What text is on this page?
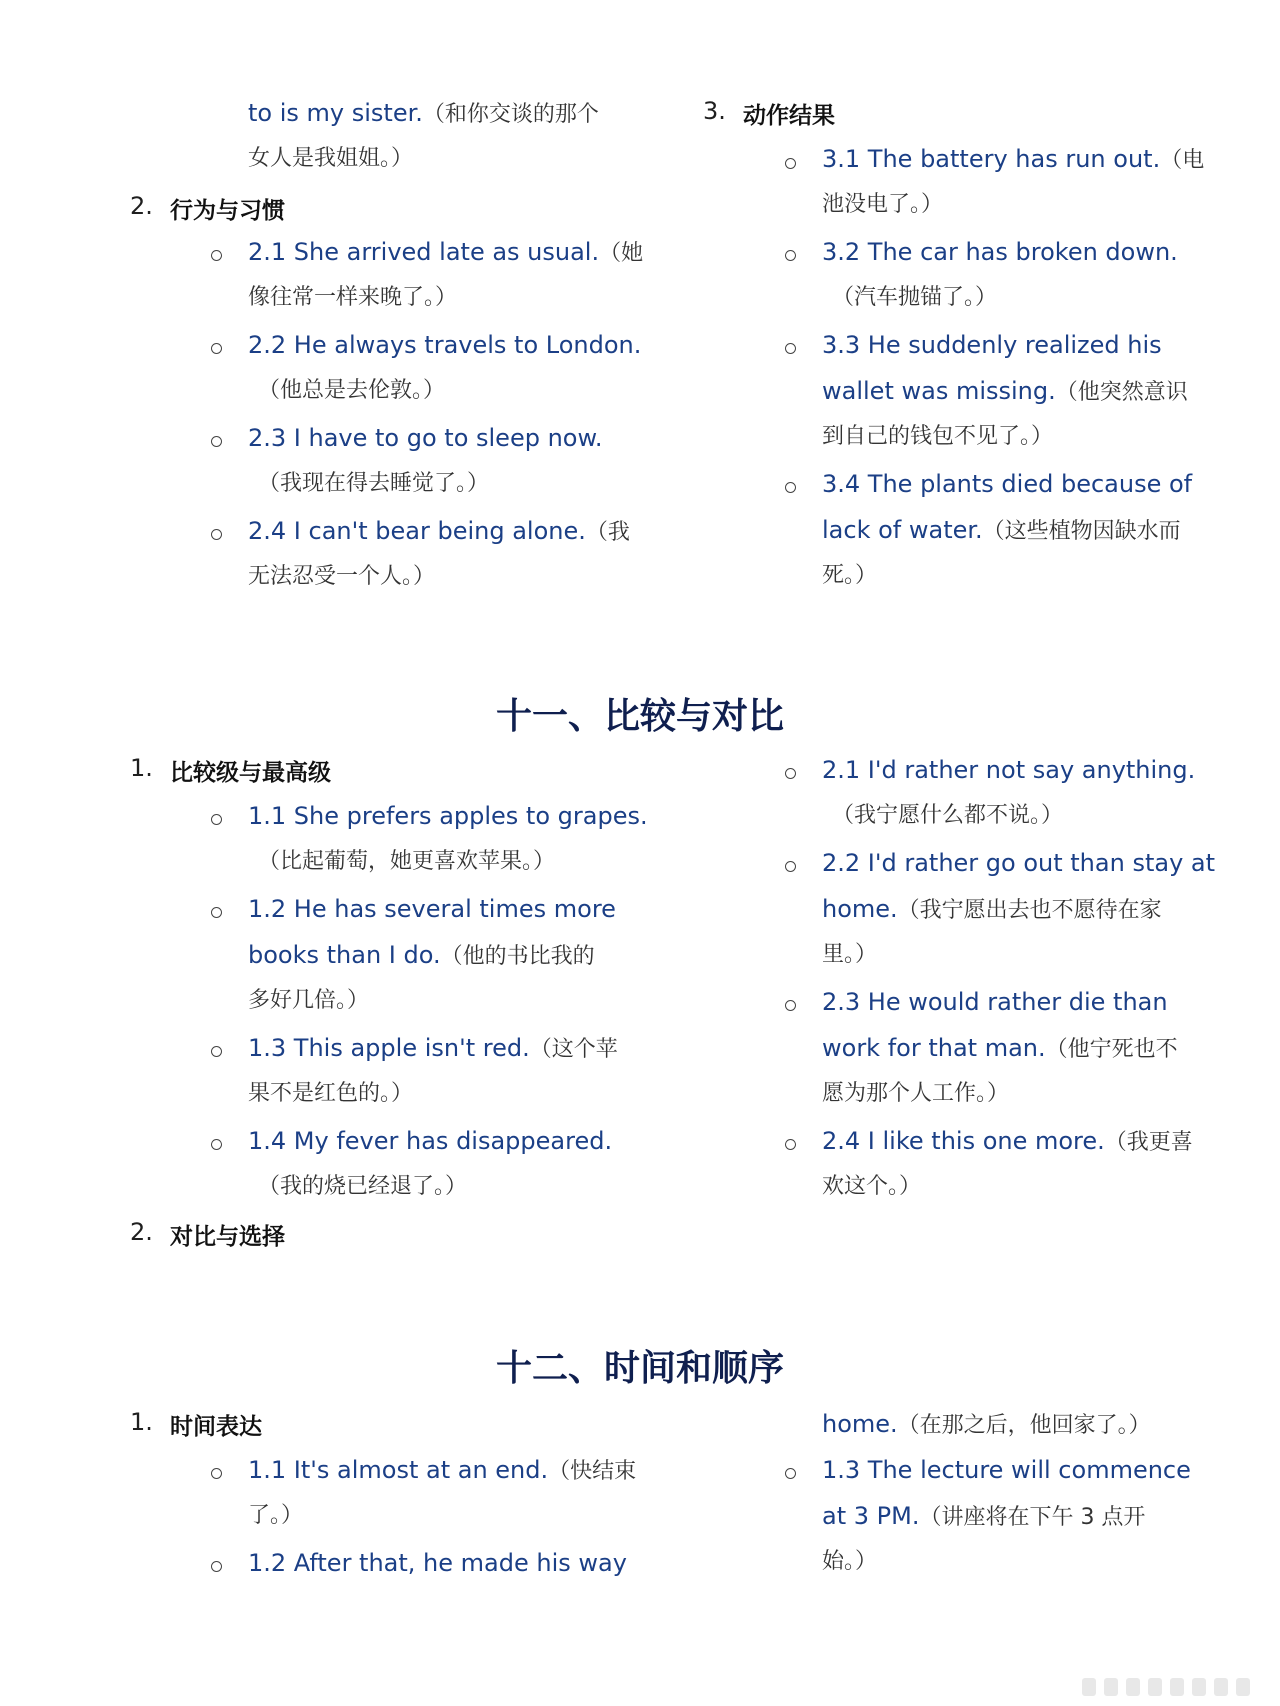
to is my sister.（和你交谈的那个
女人是我姐姐。）
2. 行为与习惯
2.1 She arrived late as usual.（她
像往常一样来晚了。）
2.2 He always travels to London.
（他总是去伦敦。）
2.3 I have to go to sleep now.
（我现在得去睡觉了。）
2.4 I can't bear being alone.（我
无法忍受一个人。）
3. 动作结果
3.1 The battery has run out.（电
池没电了。）
3.2 The car has broken down.
（汽车抛锚了。）
3.3 He suddenly realized his
wallet was missing.（他突然意识
到自己的钱包不见了。）
3.4 The plants died because of
lack of water.（这些植物因缺水而
死。）
十一、比较与对比
1. 比较级与最高级
1.1 She prefers apples to grapes.
（比起葡萄，她更喜欢苹果。）
1.2 He has several times more
books than I do.（他的书比我的
多好几倍。）
1.3 This apple isn't red.（这个苹
果不是红色的。）
1.4 My fever has disappeared.
（我的烧已经退了。）
2. 对比与选择
2.1 I'd rather not say anything.
（我宁愿什么都不说。）
2.2 I'd rather go out than stay at
home.（我宁愿出去也不愿待在家
里。）
2.3 He would rather die than
work for that man.（他宁死也不
愿为那个人工作。）
2.4 I like this one more.（我更喜
欢这个。）
十二、时间和顺序
1. 时间表达
1.1 It's almost at an end.（快结束
了。）
1.2 After that, he made his way
home.（在那之后，他回家了。）
1.3 The lecture will commence
at 3 PM.（讲座将在下午 3 点开
始。）
